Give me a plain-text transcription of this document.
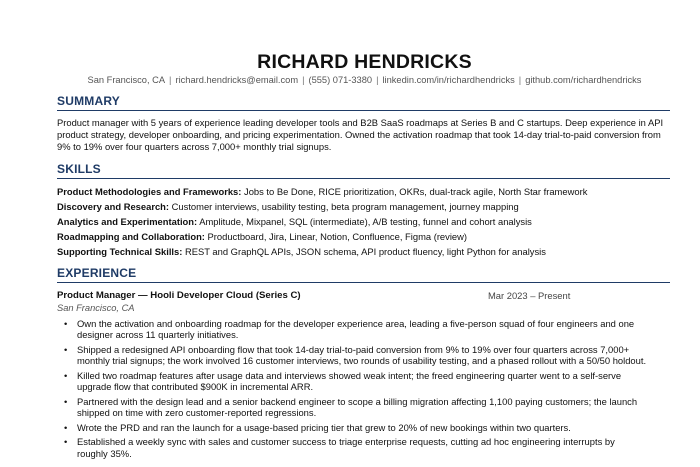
RICHARD HENDRICKS
San Francisco, CA | richard.hendricks@email.com | (555) 071-3380 | linkedin.com/in/richardhendricks | github.com/richardhendricks
SUMMARY
Product manager with 5 years of experience leading developer tools and B2B SaaS roadmaps at Series B and C startups. Deep experience in API product strategy, developer onboarding, and pricing experimentation. Owned the activation roadmap that took 14-day trial-to-paid conversion from 9% to 19% over four quarters across 7,000+ monthly trial signups.
SKILLS
Product Methodologies and Frameworks: Jobs to Be Done, RICE prioritization, OKRs, dual-track agile, North Star framework
Discovery and Research: Customer interviews, usability testing, beta program management, journey mapping
Analytics and Experimentation: Amplitude, Mixpanel, SQL (intermediate), A/B testing, funnel and cohort analysis
Roadmapping and Collaboration: Productboard, Jira, Linear, Notion, Confluence, Figma (review)
Supporting Technical Skills: REST and GraphQL APIs, JSON schema, API product fluency, light Python for analysis
EXPERIENCE
Product Manager — Hooli Developer Cloud (Series C)	Mar 2023 – Present
San Francisco, CA
• Own the activation and onboarding roadmap for the developer experience area, leading a five-person squad of four engineers and one designer across 11 quarterly initiatives.
• Shipped a redesigned API onboarding flow that took 14-day trial-to-paid conversion from 9% to 19% over four quarters across 7,000+ monthly trial signups; the work involved 16 customer interviews, two rounds of usability testing, and a phased rollout with a 50/50 holdout.
• Killed two roadmap features after usage data and interviews showed weak intent; the freed engineering quarter went to a self-serve upgrade flow that contributed $900K in incremental ARR.
• Partnered with the design lead and a senior backend engineer to scope a billing migration affecting 1,100 paying customers; the launch shipped on time with zero customer-reported regressions.
• Wrote the PRD and ran the launch for a usage-based pricing tier that grew to 20% of new bookings within two quarters.
• Established a weekly sync with sales and customer success to triage enterprise requests, cutting ad hoc engineering interrupts by roughly 35%.
